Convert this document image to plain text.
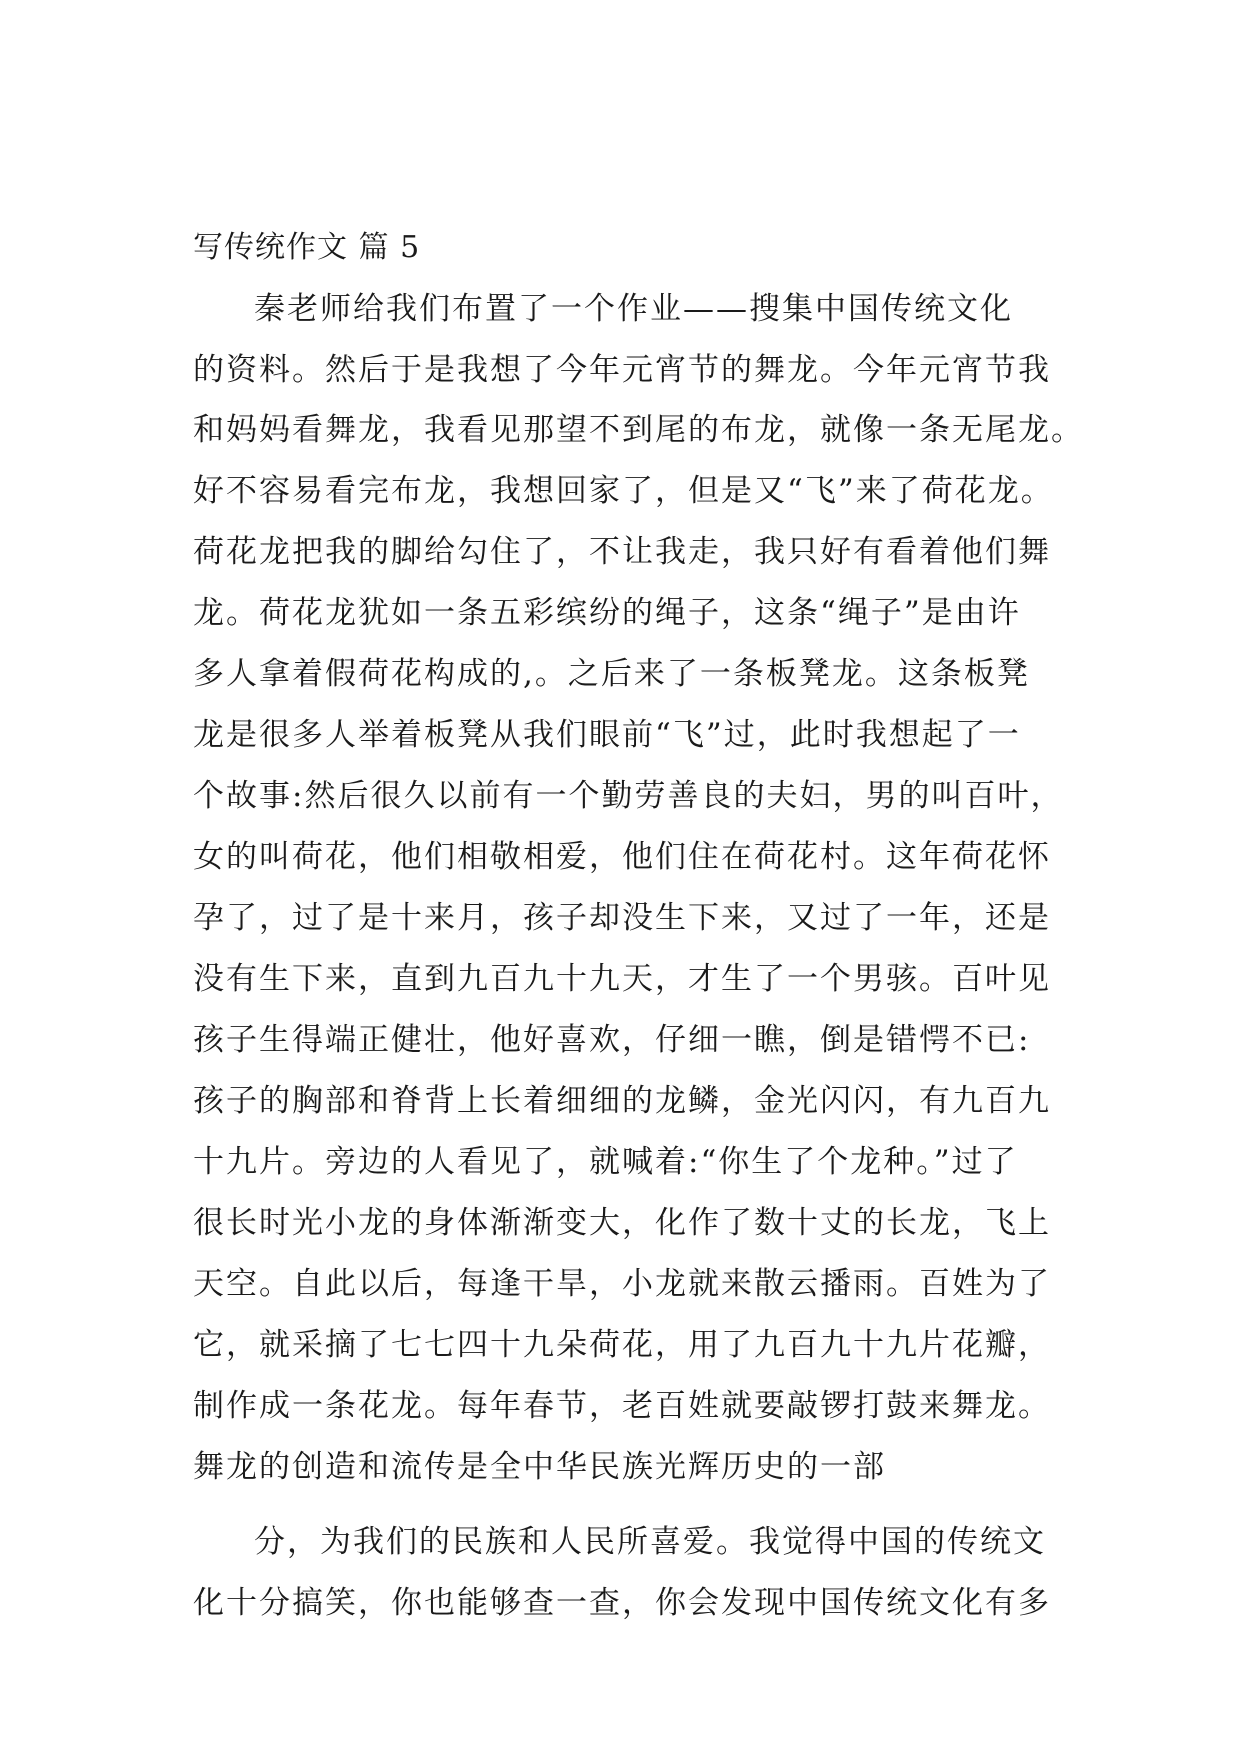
写传统作文 篇 5
秦老师给我们布置了一个作业——搜集中国传统文化
的资料。然后于是我想了今年元宵节的舞龙。今年元宵节我
和妈妈看舞龙，我看见那望不到尾的布龙，就像一条无尾龙。
好不容易看完布龙，我想回家了，但是又“飞”来了荷花龙。
荷花龙把我的脚给勾住了，不让我走，我只好有看着他们舞
龙。荷花龙犹如一条五彩缤纷的绳子，这条“绳子”是由许
多人拿着假荷花构成的,。之后来了一条板凳龙。这条板凳
龙是很多人举着板凳从我们眼前“飞”过，此时我想起了一
个故事:然后很久以前有一个勤劳善良的夫妇，男的叫百叶，
女的叫荷花，他们相敬相爱，他们住在荷花村。这年荷花怀
孕了，过了是十来月，孩子却没生下来，又过了一年，还是
没有生下来，直到九百九十九天，才生了一个男骇。百叶见
孩子生得端正健壮，他好喜欢，仔细一瞧，倒是错愕不已:
孩子的胸部和脊背上长着细细的龙鳞，金光闪闪，有九百九
十九片。旁边的人看见了，就喊着:“你生了个龙种。”过了
很长时光小龙的身体渐渐变大，化作了数十丈的长龙，飞上
天空。自此以后，每逢干旱，小龙就来散云播雨。百姓为了
它，就采摘了七七四十九朵荷花，用了九百九十九片花瓣，
制作成一条花龙。每年春节，老百姓就要敲锣打鼓来舞龙。
舞龙的创造和流传是全中华民族光辉历史的一部
分，为我们的民族和人民所喜爱。我觉得中国的传统文
化十分搞笑，你也能够查一查，你会发现中国传统文化有多
